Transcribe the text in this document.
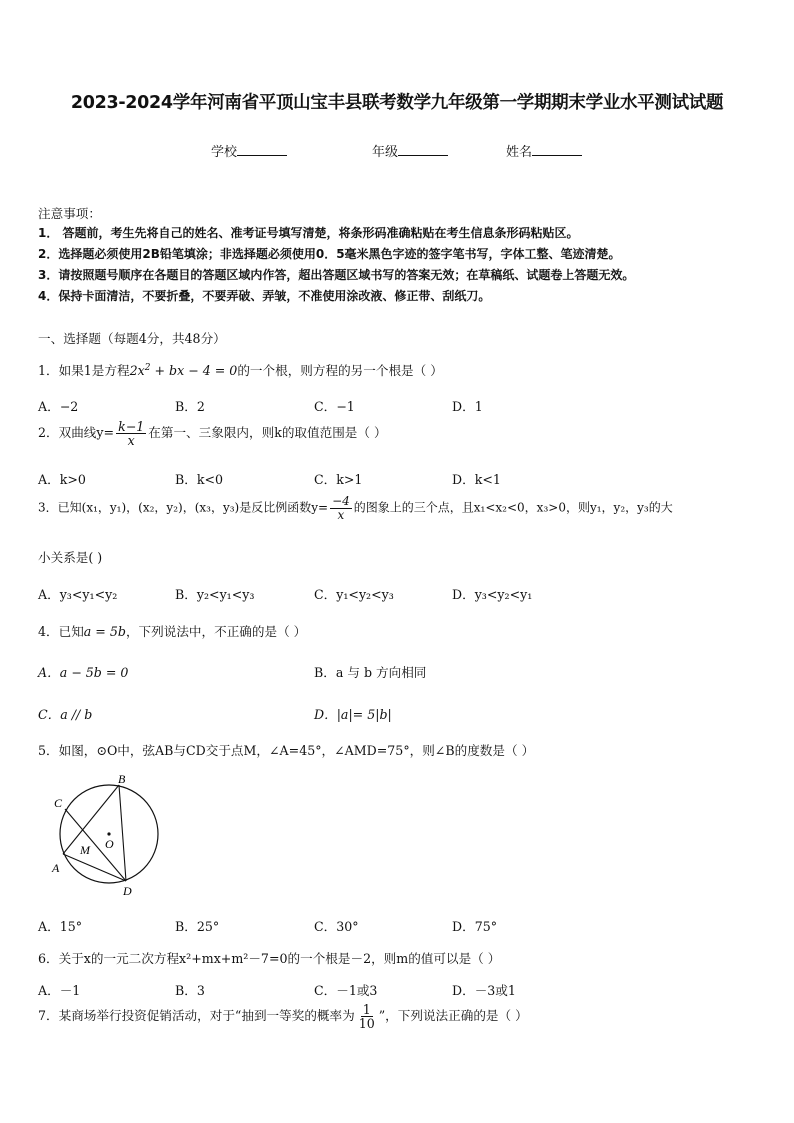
2023-2024学年河南省平顶山宝丰县联考数学九年级第一学期期末学业水平测试试题
学校	年级	姓名
注意事项：
1． 答题前，考生先将自己的姓名、准考证号填写清楚，将条形码准确粘贴在考生信息条形码粘贴区。
2．选择题必须使用2B铅笔填涂；非选择题必须使用0．5毫米黑色字迹的签字笔书写，字体工整、笔迹清楚。
3．请按照题号顺序在各题目的答题区域内作答，超出答题区域书写的答案无效；在草稿纸、试题卷上答题无效。
4．保持卡面清洁，不要折叠，不要弄破、弄皱，不准使用涂改液、修正带、刮纸刀。
一、选择题（每题4分，共48分）
1．如果1是方程$2x^2$ + bx − 4 = 0的一个根，则方程的另一个根是（ ）
A．−2	B．2	C．−1	D．1
2．双曲线$y= \frac{k-1}{x}$ 在第一、三象限内，则k的取值范围是（ ）
A．k>0	B．k<0	C．k>1	D．k<1
3．已知(x₁，y₁)，(x₂，y₂)，(x₃，y₃)是反比例函数$y= \frac{-4}{x}$ 的图象上的三个点，且x₁<x₂<0，x₃>0，则y₁，y₂，y₃的大
小关系是( )
A．y₃<y₁<y₂	B．y₂<y₁<y₃	C．y₁<y₂<y₃	D．y₃<y₂<y₁
4．已知a = 5b，下列说法中，不正确的是（ ）
A．a − 5b = 0	B．a 与 b 方向相同
C．a // b	D．|a|= 5|b|
5．如图，⊙O中，弦AB与CD交于点M，∠A=45°，∠AMD=75°，则∠B的度数是（ ）
B
C
M O
A
D
A．15°	B．25°	C．30°	D．75°
6．关于x的一元二次方程x²+mx+m²－7=0的一个根是－2，则m的值可以是（ ）
A．－1	B．3	C．－1或3	D．－3或1
7．某商场举行投资促销活动，对于“抽到一等奖的概率为 $\frac{1}{10}$ ”，下列说法正确的是（ ）
